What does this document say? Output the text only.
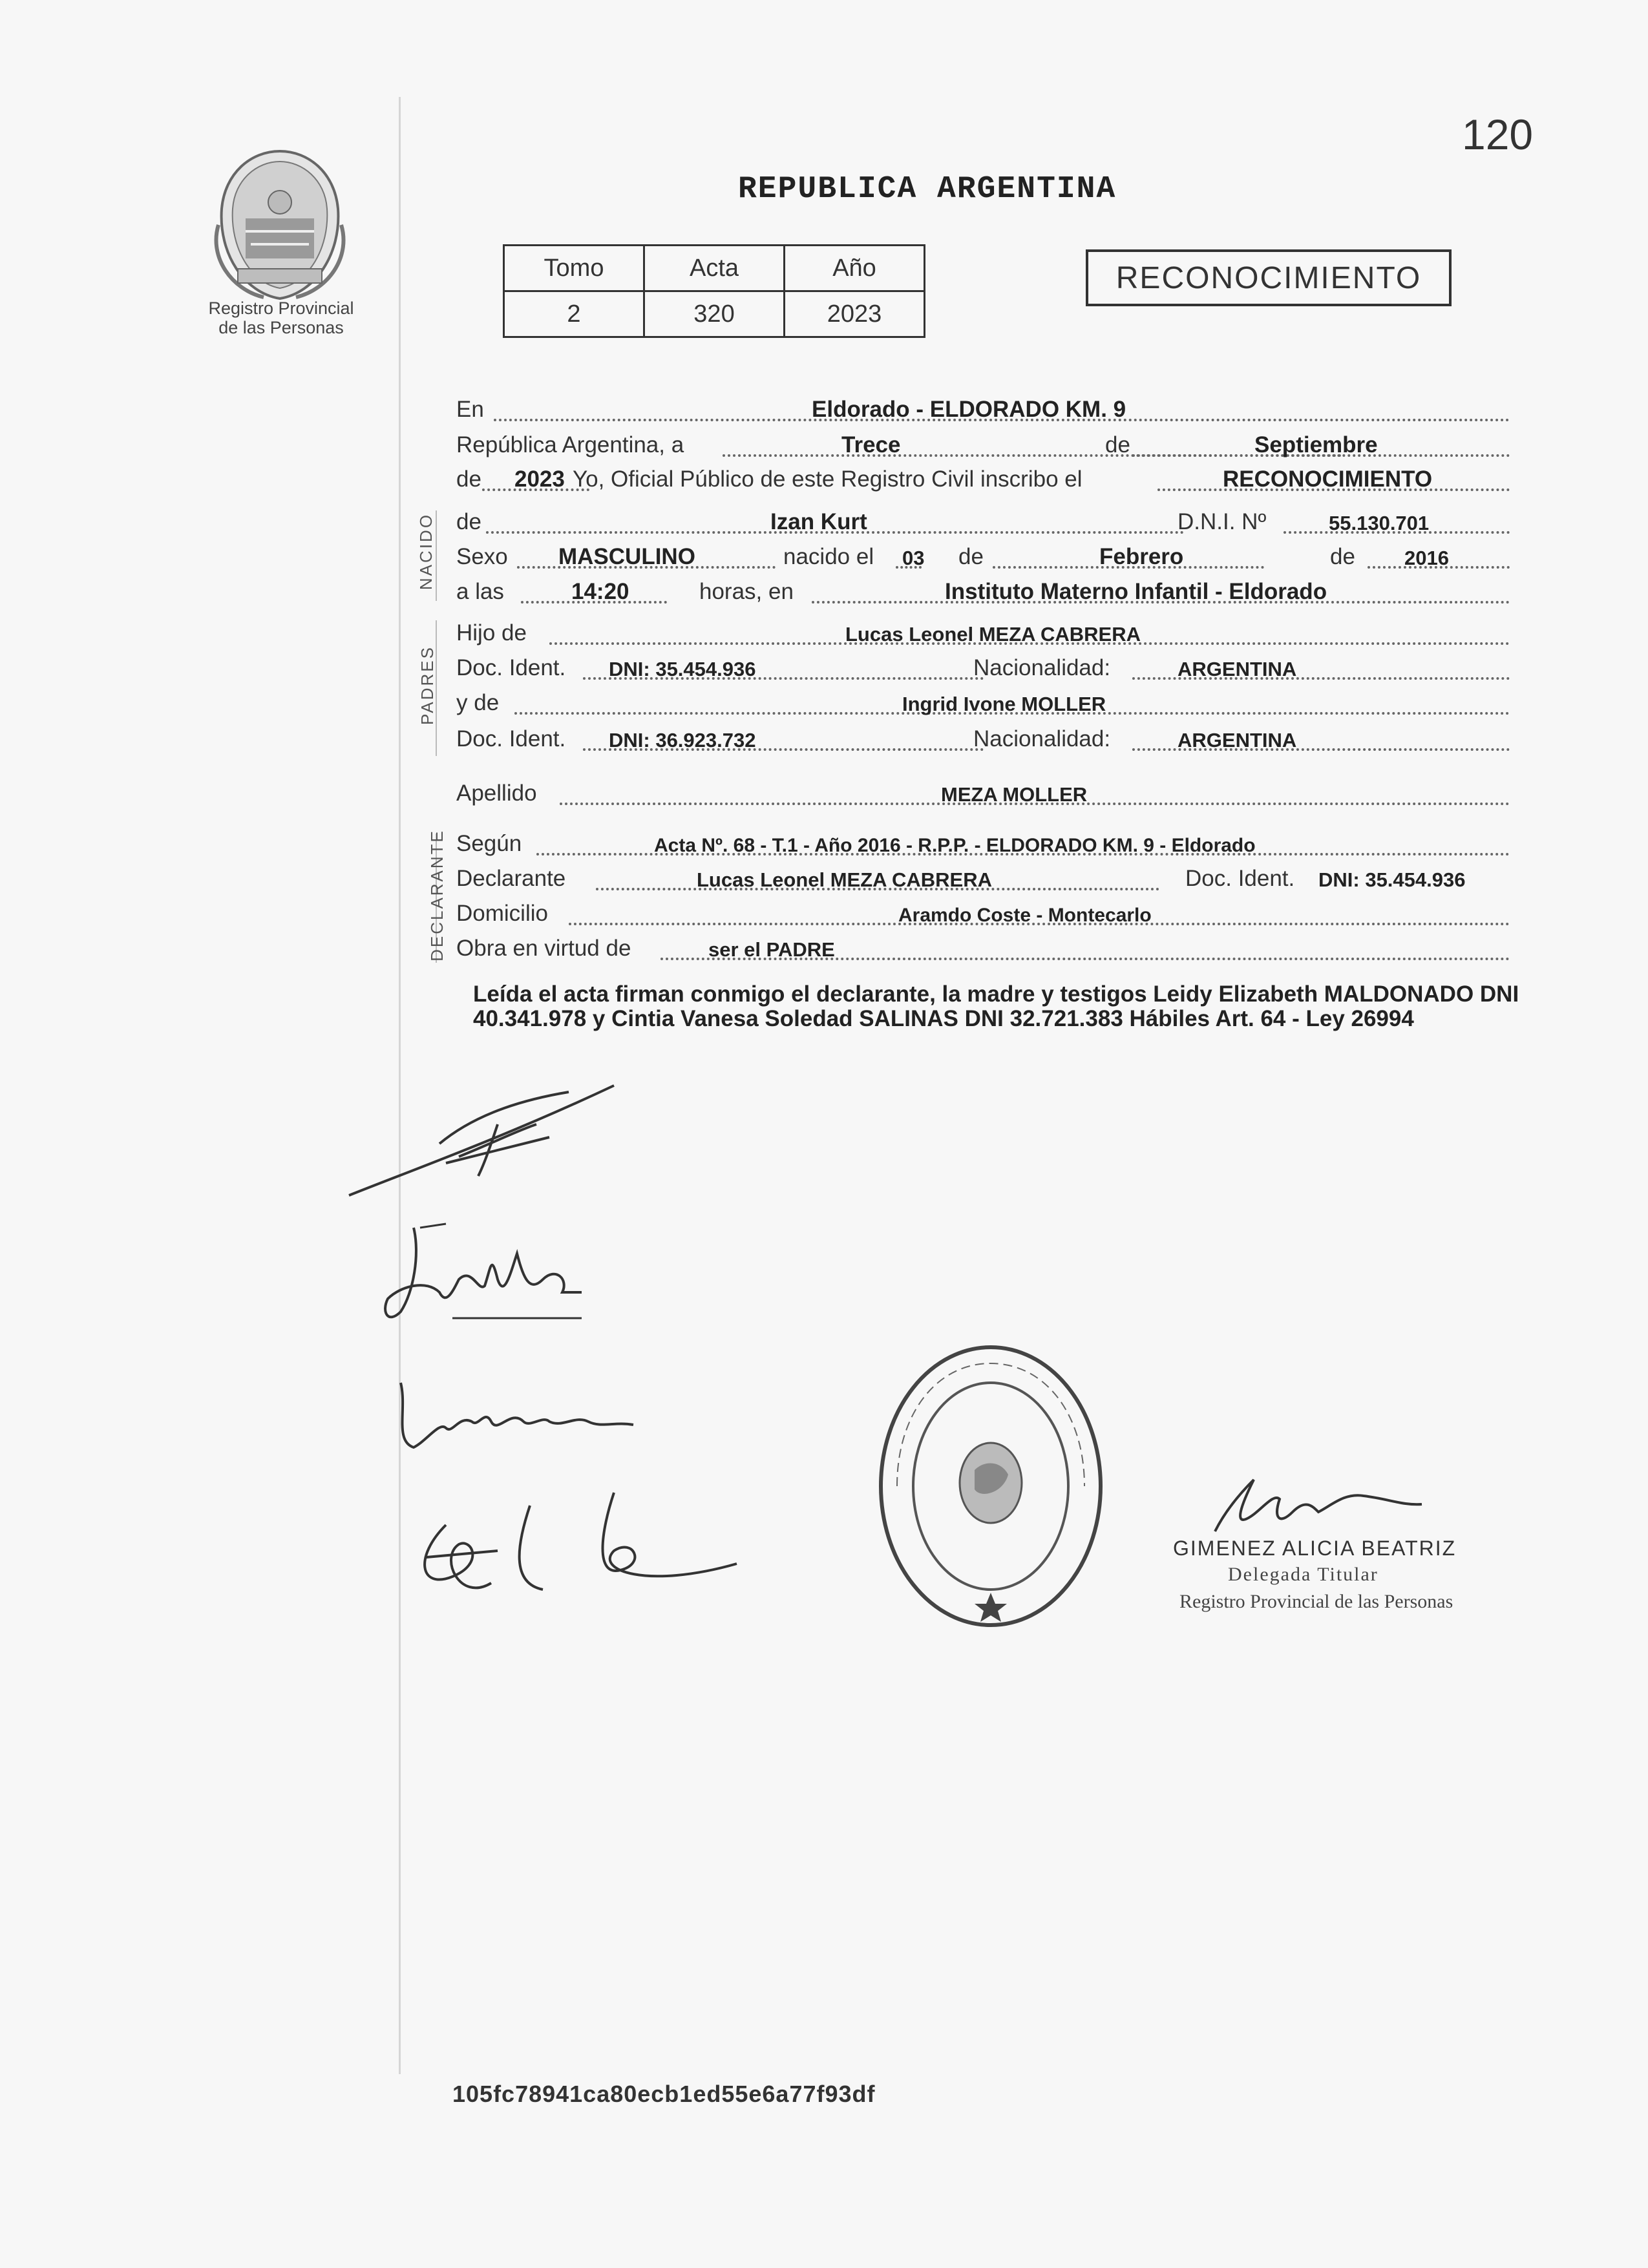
120
REPUBLICA ARGENTINA
Registro Provincial
de las Personas
Tomo	Acta	Año
2	320	2023
RECONOCIMIENTO
En	Eldorado - ELDORADO KM. 9
República Argentina, a	Trece	de	Septiembre
de 2023 Yo, Oficial Público de este Registro Civil inscribo el	RECONOCIMIENTO
NACIDO de	Izan Kurt	D.N.I. Nº	55.130.701
Sexo MASCULINO	nacido el 03 de	Febrero	de 2016
a las	14:20	horas, en	Instituto Materno Infantil - Eldorado
PADRES
Hijo de	Lucas Leonel MEZA CABRERA
Doc. Ident. DNI: 35.454.936	Nacionalidad:	ARGENTINA
y de	Ingrid Ivone MOLLER
Doc. Ident. DNI: 36.923.732	Nacionalidad:	ARGENTINA
Apellido	MEZA MOLLER
DECLARANTE Según	Acta Nº. 68 - T.1 - Año 2016 - R.P.P. - ELDORADO KM. 9 - Eldorado
Declarante	Lucas Leonel MEZA CABRERA	Doc. Ident. DNI: 35.454.936
Domicilio	Aramdo Coste - Montecarlo
Obra en virtud de	ser el PADRE
Leída el acta firman conmigo el declarante, la madre y testigos Leidy Elizabeth MALDONADO DNI 40.341.978 y Cintia Vanesa Soledad SALINAS DNI 32.721.383 Hábiles Art. 64 - Ley 26994
GIMENEZ ALICIA BEATRIZ
Delegada Titular
Registro Provincial de las Personas
105fc78941ca80ecb1ed55e6a77f93df
